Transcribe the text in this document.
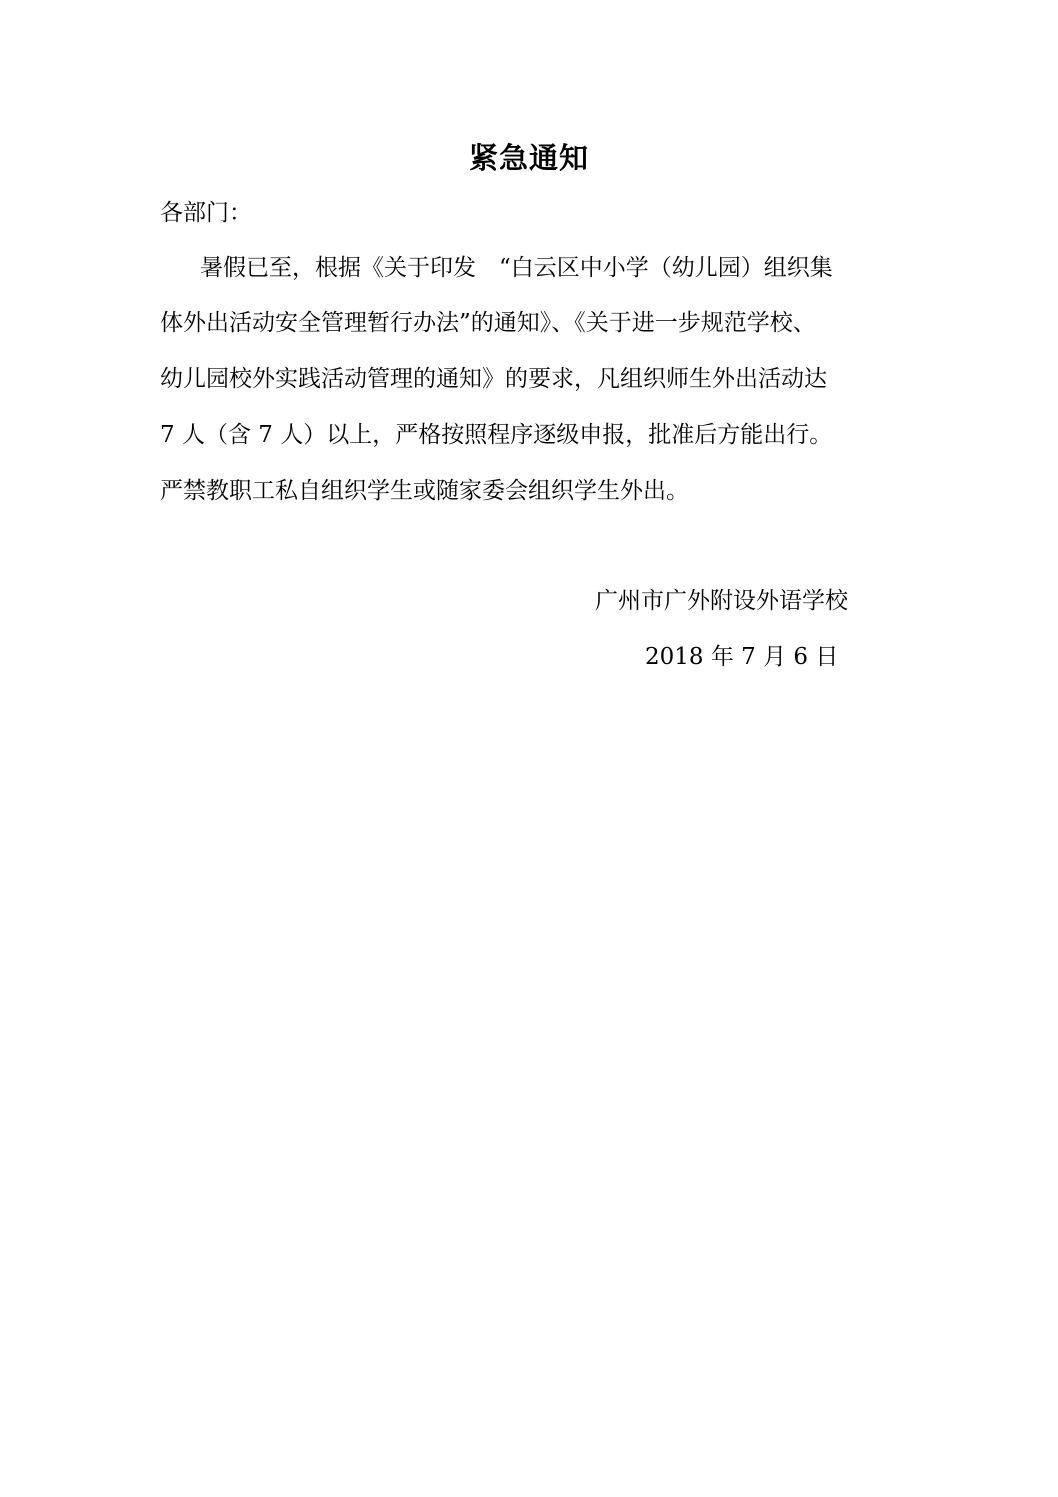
紧急通知
各部门：
暑假已至，根据《关于印发　“白云区中小学（幼儿园）组织集
体外出活动安全管理暂行办法”的通知》、《关于进一步规范学校、
幼儿园校外实践活动管理的通知》的要求，凡组织师生外出活动达
7 人（含 7 人）以上，严格按照程序逐级申报，批准后方能出行。
严禁教职工私自组织学生或随家委会组织学生外出。
广州市广外附设外语学校
2018 年 7 月 6 日
